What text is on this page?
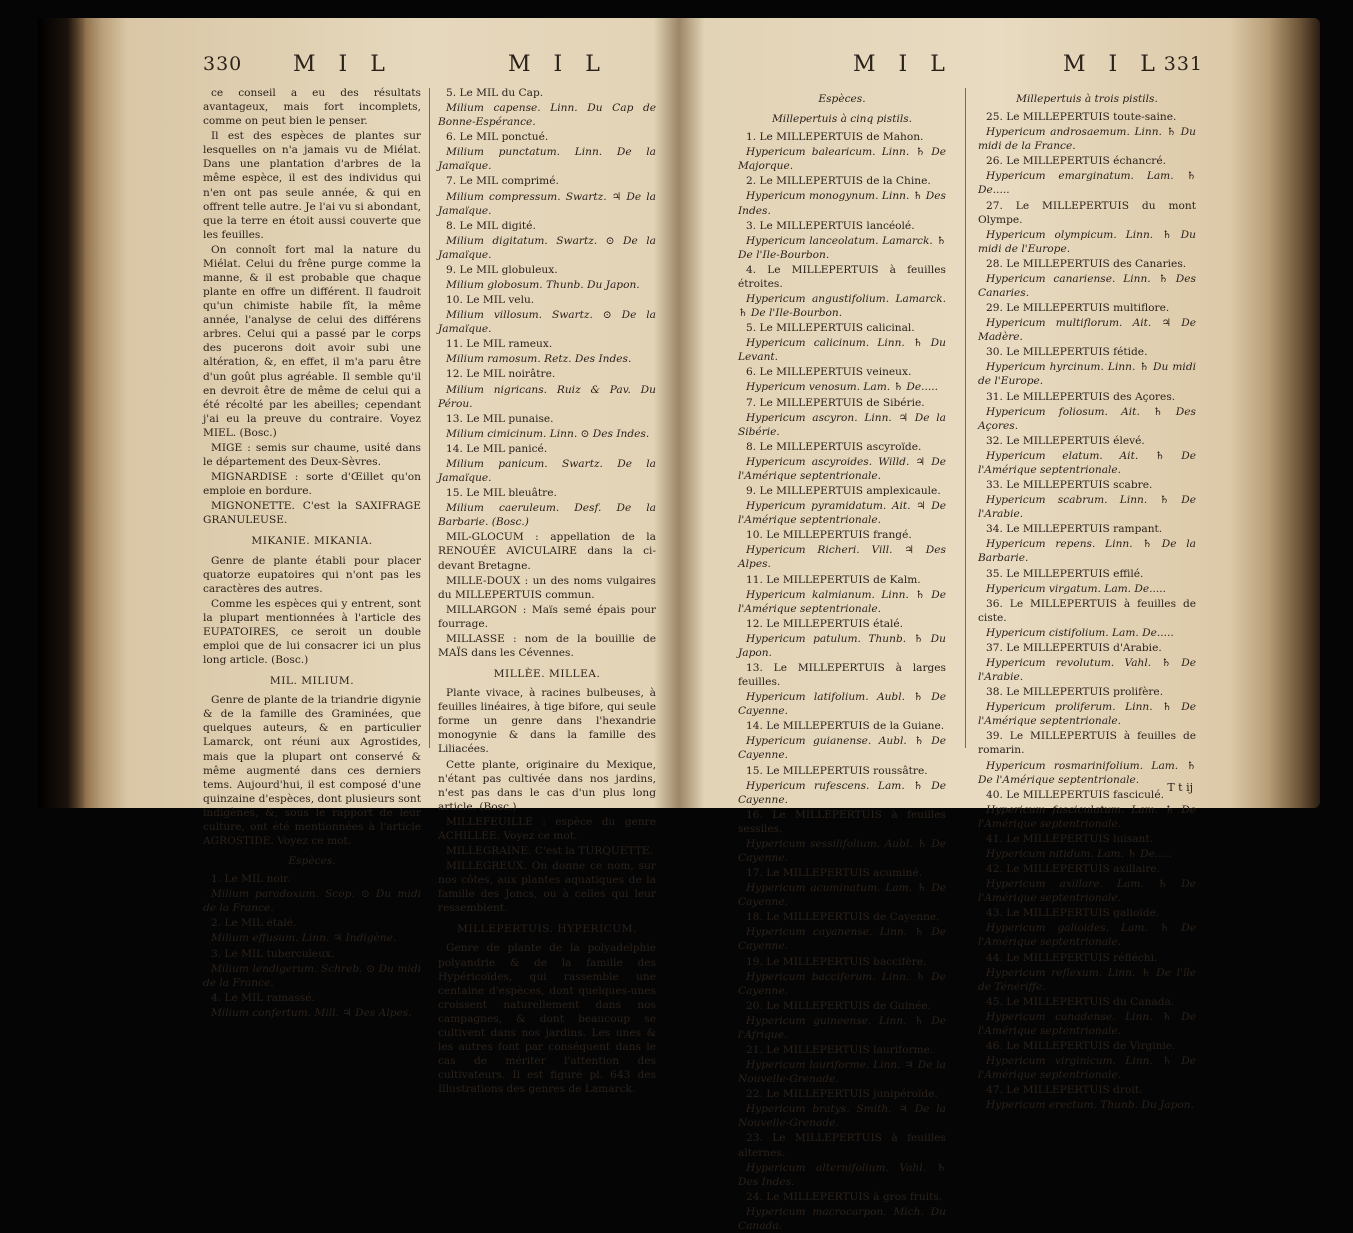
330 M I L	M I L

ce conseil a eu des résultats avantageux, mais fort incomplets, comme on peut bien le penser.

Il est des espèces de plantes sur lesquelles on n'a jamais vu de Miélat. Dans une plantation d'arbres de la même espèce, il est des individus qui n'en ont pas seule année, & qui en offrent telle autre. Je l'ai vu si abondant, que la terre en étoit aussi couverte que les feuilles.

On connoît fort mal la nature du Miélat. Celui du frêne purge comme la manne, & il est probable que chaque plante en offre un différent. Il faudroit qu'un chimiste habile fît, la même année, l'analyse de celui des différens arbres. Celui qui a passé par le corps des pucerons doit avoir subi une altération, &, en effet, il m'a paru être d'un goût plus agréable. Il semble qu'il en devroit être de même de celui qui a été récolté par les abeilles; cependant j'ai eu la preuve du contraire. Voyez MIEL. (Bosc.)

MIGE : semis sur chaume, usité dans le département des Deux-Sèvres.

MIGNARDISE : sorte d'Œillet qu'on emploie en bordure.

MIGNONETTE. C'est la SAXIFRAGE GRANULEUSE.

MIKANIE. MIKANIA.

Genre de plante établi pour placer quatorze eupatoires qui n'ont pas les caractères des autres.

Comme les espèces qui y entrent, sont la plupart mentionnées à l'article des EUPATOIRES, ce seroit un double emploi que de lui consacrer ici un plus long article. (Bosc.)

MIL. MILIUM.

Genre de plante de la triandrie digynie & de la famille des Graminées, que quelques auteurs, & en particulier Lamarck, ont réuni aux Agrostides, mais que la plupart ont conservé & même augmenté dans ces derniers tems. Aujourd'hui, il est composé d'une quinzaine d'espèces, dont plusieurs sont indigènes, &, sous le rapport de leur culture, ont été mentionnées à l'article AGROSTIDE. Voyez ce mot.

Espèces.

1. Le MIL noir.

Milium paradoxum. Scop. ⊙ Du midi de la France.

2. Le MIL étalé.

Milium effusum. Linn. ♃ Indigène.

3. Le MIL tuberculeux.

Milium lendigerum. Schreb. ⊙ Du midi de la France.

4. Le MIL ramassé.

Milium confertum. Mill. ♃ Des Alpes.

5. Le MIL du Cap.

Milium capense. Linn. Du Cap de Bonne-Espérance.

6. Le MIL ponctué.

Milium punctatum. Linn. De la Jamaïque.

7. Le MIL comprimé.

Milium compressum. Swartz. ♃ De la Jamaïque.

8. Le MIL digité.

Milium digitatum. Swartz. ⊙ De la Jamaïque.

9. Le MIL globuleux.

Milium globosum. Thunb. Du Japon.

10. Le MIL velu.

Milium villosum. Swartz. ⊙ De la Jamaïque.

11. Le MIL rameux.

Milium ramosum. Retz. Des Indes.

12. Le MIL noirâtre.

Milium nigricans. Ruiz & Pav. Du Pérou.

13. Le MIL punaise.

Milium cimicinum. Linn. ⊙ Des Indes.

14. Le MIL panicé.

Milium panicum. Swartz. De la Jamaïque.

15. Le MIL bleuâtre.

Milium caeruleum. Desf. De la Barbarie. (Bosc.)

MIL-GLOCUM : appellation de la RENOUÉE AVICULAIRE dans la ci-devant Bretagne.

MILLE-DOUX : un des noms vulgaires du MILLEPERTUIS commun.

MILLARGON : Maïs semé épais pour fourrage.

MILLASSE : nom de la bouillie de MAÏS dans les Cévennes.

MILLÈE. MILLEA.

Plante vivace, à racines bulbeuses, à feuilles linéaires, à tige bifore, qui seule forme un genre dans l'hexandrie monogynie & dans la famille des Liliacées.

Cette plante, originaire du Mexique, n'étant pas cultivée dans nos jardins, n'est pas dans le cas d'un plus long article. (Bosc.)

MILLEFEUILLE : espèce du genre ACHILLÉE. Voyez ce mot.

MILLEGRAINE. C'est la TURQUETTE.

MILLEGREUX. On donne ce nom, sur nos côtes, aux plantes aquatiques de la famille des Joncs, ou à celles qui leur ressemblent.

MILLEPERTUIS. HYPERICUM.

Genre de plante de la polyadelphie polyandrie & de la famille des Hypéricoïdes, qui rassemble une centaine d'espèces, dont quelques-unes croissent naturellement dans nos campagnes, & dont beaucoup se cultivent dans nos jardins. Les unes & les autres font par conséquent dans le cas de mériter l'attention des cultivateurs. Il est figuré pl. 643 des Illustrations des genres de Lamarck.

M I L	M I L 331

Espèces.

Millepertuis à cinq pistils.

1. Le MILLEPERTUIS de Mahon.

Hypericum balearicum. Linn. ♄ De Majorque.

2. Le MILLEPERTUIS de la Chine.

Hypericum monogynum. Linn. ♄ Des Indes.

3. Le MILLEPERTUIS lancéolé.

Hypericum lanceolatum. Lamarck. ♄ De l'Ile-Bourbon.

4. Le MILLEPERTUIS à feuilles étroites.

Hypericum angustifolium. Lamarck. ♄ De l'Ile-Bourbon.

5. Le MILLEPERTUIS calicinal.

Hypericum calicinum. Linn. ♄ Du Levant.

6. Le MILLEPERTUIS veineux.

Hypericum venosum. Lam. ♄ De.....

7. Le MILLEPERTUIS de Sibérie.

Hypericum ascyron. Linn. ♃ De la Sibérie.

8. Le MILLEPERTUIS ascyroïde.

Hypericum ascyroides. Willd. ♃ De l'Amérique septentrionale.

9. Le MILLEPERTUIS amplexicaule.

Hypericum pyramidatum. Ait. ♃ De l'Amérique septentrionale.

10. Le MILLEPERTUIS frangé.

Hypericum Richeri. Vill. ♃ Des Alpes.

11. Le MILLEPERTUIS de Kalm.

Hypericum kalmianum. Linn. ♄ De l'Amérique septentrionale.

12. Le MILLEPERTUIS étalé.

Hypericum patulum. Thunb. ♄ Du Japon.

13. Le MILLEPERTUIS à larges feuilles.

Hypericum latifolium. Aubl. ♄ De Cayenne.

14. Le MILLEPERTUIS de la Guiane.

Hypericum guianense. Aubl. ♄ De Cayenne.

15. Le MILLEPERTUIS roussâtre.

Hypericum rufescens. Lam. ♄ De Cayenne.

16. Le MILLEPERTUIS à feuilles sessiles.

Hypericum sessilifolium. Aubl. ♄ De Cayenne.

17. Le MILLEPERTUIS acuminé.

Hypericum acuminatum. Lam. ♄ De Cayenne.

18. Le MILLEPERTUIS de Cayenne.

Hypericum cayanense. Linn. ♄ De Cayenne.

19. Le MILLEPERTUIS baccifère.

Hypericum bacciferum. Linn. ♄ De Cayenne.

20. Le MILLEPERTUIS de Guinée.

Hypericum guineense. Linn. ♄ De l'Afrique.

21. Le MILLEPERTUIS lauriforme.

Hypericum lauriforme. Linn. ♃ De la Nouvelle-Grenade.

22. Le MILLEPERTUIS junipéroïde.

Hypericum bratys. Smith. ♃ De la Nouvelle-Grenade.

23. Le MILLEPERTUIS à feuilles alternes.

Hypericum alternifolium. Vahl. ♄ Des Indes.

24. Le MILLEPERTUIS à gros fruits.

Hypericum macrocarpon. Mich. Du Canada.

Millepertuis à trois pistils.

25. Le MILLEPERTUIS toute-saine.

Hypericum androsaemum. Linn. ♄ Du midi de la France.

26. Le MILLEPERTUIS échancré.

Hypericum emarginatum. Lam. ♄ De.....

27. Le MILLEPERTUIS du mont Olympe.

Hypericum olympicum. Linn. ♄ Du midi de l'Europe.

28. Le MILLEPERTUIS des Canaries.

Hypericum canariense. Linn. ♄ Des Canaries.

29. Le MILLEPERTUIS multiflore.

Hypericum multiflorum. Ait. ♃ De Madère.

30. Le MILLEPERTUIS fétide.

Hypericum hyrcinum. Linn. ♄ Du midi de l'Europe.

31. Le MILLEPERTUIS des Açores.

Hypericum foliosum. Ait. ♄ Des Açores.

32. Le MILLEPERTUIS élevé.

Hypericum elatum. Ait. ♄ De l'Amérique septentrionale.

33. Le MILLEPERTUIS scabre.

Hypericum scabrum. Linn. ♄ De l'Arabie.

34. Le MILLEPERTUIS rampant.

Hypericum repens. Linn. ♄ De la Barbarie.

35. Le MILLEPERTUIS effilé.

Hypericum virgatum. Lam. De.....

36. Le MILLEPERTUIS à feuilles de ciste.

Hypericum cistifolium. Lam. De.....

37. Le MILLEPERTUIS d'Arabie.

Hypericum revolutum. Vahl. ♄ De l'Arabie.

38. Le MILLEPERTUIS prolifère.

Hypericum proliferum. Linn. ♄ De l'Amérique septentrionale.

39. Le MILLEPERTUIS à feuilles de romarin.

Hypericum rosmarinifolium. Lam. ♄ De l'Amérique septentrionale.

40. Le MILLEPERTUIS fasciculé.

Hypericum fasciculatum. Lam. ♄ De l'Amérique septentrionale.

41. Le MILLEPERTUIS luisant.

Hypericum nitidum. Lam. ♄ De.....

42. Le MILLEPERTUIS axillaire.

Hypericum axillare. Lam. ♄ De l'Amérique septentrionale.

43. Le MILLEPERTUIS galioïde.

Hypericum galioides. Lam. ♄ De l'Amérique septentrionale.

44. Le MILLEPERTUIS réfléchi.

Hypericum reflexum. Linn. ♄ De l'île de Ténériffe.

45. Le MILLEPERTUIS du Canada.

Hypericum canadense. Linn. ♄ De l'Amérique septentrionale.

46. Le MILLEPERTUIS de Virginie.

Hypericum virginicum. Linn. ♄ De l'Amérique septentrionale.

47. Le MILLEPERTUIS droit.

Hypericum erectum. Thunb. Du Japon.

T t ij
